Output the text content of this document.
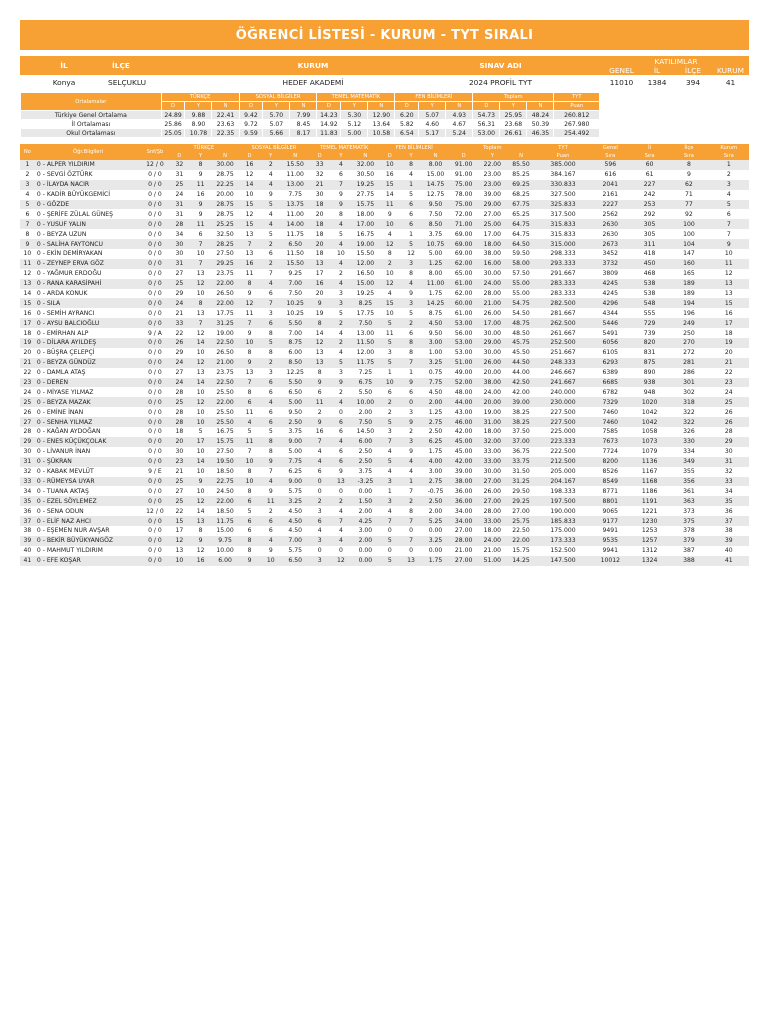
ÖĞRENCİ LİSTESİ - KURUM - TYT SIRALI
İL	İLÇE	KURUM	SINAV ADI	KATILIMLAR			
				GENEL	İL	İLÇE	KURUM
Konya	SELÇUKLU	HEDEF AKADEMİ	2024 PROFİL TYT	11010	1384	394	41
Ortalamalar	TÜRKÇE			SOSYAL BİLGİLER			TEMEL MATEMATİK			FEN BİLİMLERİ			Toplam			TYT
	D	Y	N	D	Y	N	D	Y	N	D	Y	N	D	Y	N	Puan
Türkiye Genel Ortalama	24.89	9.88	22.41	9.42	5.70	7.99	14.23	5.30	12.90	6.20	5.07	4.93	54.73	25.95	48.24	260.812
İl Ortalaması	25.86	8.90	23.63	9.72	5.07	8.45	14.92	5.12	13.64	5.82	4.60	4.67	56.31	23.68	50.39	267.980
Okul Ortalaması	25.05	10.78	22.35	9.59	5.66	8.17	11.83	5.00	10.58	6.54	5.17	5.24	53.00	26.61	46.35	254.492
No	Öğr.Bilgileri	Snf/Şb	TÜRKÇE			SOSYAL BİLGİLER			TEMEL MATEMATİK			FEN BİLİMLERİ			Toplam			TYT	Genel	İl	İlçe	Kurum
			D	Y	N	D	Y	N	D	Y	N	D	Y	N	D	Y	N	Puan	Sıra	Sıra	Sıra	Sıra
1	0 - ALPER YILDIRIM	12 / 0	32	8	30.00	16	2	15.50	33	4	32.00	10	8	8.00	91.00	22.00	85.50	385.000	596	60	8	1
2	0 - SEVGİ ÖZTÜRK	0 / 0	31	9	28.75	12	4	11.00	32	6	30.50	16	4	15.00	91.00	23.00	85.25	384.167	616	61	9	2
3	0 - İLAYDA NACIR	0 / 0	25	11	22.25	14	4	13.00	21	7	19.25	15	1	14.75	75.00	23.00	69.25	330.833	2041	227	62	3
4	0 - KADİR BÜYÜKGEMİCİ	0 / 0	24	16	20.00	10	9	7.75	30	9	27.75	14	5	12.75	78.00	39.00	68.25	327.500	2161	242	71	4
5	0 - GÖZDE	0 / 0	31	9	28.75	15	5	13.75	18	9	15.75	11	6	9.50	75.00	29.00	67.75	325.833	2227	253	77	5
6	0 - ŞERİFE ZÜLAL GÜNEŞ	0 / 0	31	9	28.75	12	4	11.00	20	8	18.00	9	6	7.50	72.00	27.00	65.25	317.500	2562	292	92	6
7	0 - YUSUF YALIN	0 / 0	28	11	25.25	15	4	14.00	18	4	17.00	10	6	8.50	71.00	25.00	64.75	315.833	2630	305	100	7
8	0 - BEYZA UZUN	0 / 0	34	6	32.50	13	5	11.75	18	5	16.75	4	1	3.75	69.00	17.00	64.75	315.833	2630	305	100	7
9	0 - SALİHA FAYTONCU	0 / 0	30	7	28.25	7	2	6.50	20	4	19.00	12	5	10.75	69.00	18.00	64.50	315.000	2673	311	104	9
10	0 - EKİN DEMİRYAKAN	0 / 0	30	10	27.50	13	6	11.50	18	10	15.50	8	12	5.00	69.00	38.00	59.50	298.333	3452	418	147	10
11	0 - ZEYNEP ERVA GÖZ	0 / 0	31	7	29.25	16	2	15.50	13	4	12.00	2	3	1.25	62.00	16.00	58.00	293.333	3732	450	160	11
12	0 - YAĞMUR ERDOĞU	0 / 0	27	13	23.75	11	7	9.25	17	2	16.50	10	8	8.00	65.00	30.00	57.50	291.667	3809	468	165	12
13	0 - RANA KARASİPAHİ	0 / 0	25	12	22.00	8	4	7.00	16	4	15.00	12	4	11.00	61.00	24.00	55.00	283.333	4245	538	189	13
14	0 - ARDA KONUK	0 / 0	29	10	26.50	9	6	7.50	20	3	19.25	4	9	1.75	62.00	28.00	55.00	283.333	4245	538	189	13
15	0 - SILA	0 / 0	24	8	22.00	12	7	10.25	9	3	8.25	15	3	14.25	60.00	21.00	54.75	282.500	4296	548	194	15
16	0 - SEMİH AYRANCI	0 / 0	21	13	17.75	11	3	10.25	19	5	17.75	10	5	8.75	61.00	26.00	54.50	281.667	4344	555	196	16
17	0 - AYSU BALCIOĞLU	0 / 0	33	7	31.25	7	6	5.50	8	2	7.50	5	2	4.50	53.00	17.00	48.75	262.500	5446	729	249	17
18	0 - EMİRHAN ALP	9 / A	22	12	19.00	9	8	7.00	14	4	13.00	11	6	9.50	56.00	30.00	48.50	261.667	5491	739	250	18
19	0 - DİLARA AYILDEŞ	0 / 0	26	14	22.50	10	5	8.75	12	2	11.50	5	8	3.00	53.00	29.00	45.75	252.500	6056	820	270	19
20	0 - BÜŞRA ÇELEPÇİ	0 / 0	29	10	26.50	8	8	6.00	13	4	12.00	3	8	1.00	53.00	30.00	45.50	251.667	6105	831	272	20
21	0 - BEYZA GÜNDÜZ	0 / 0	24	12	21.00	9	2	8.50	13	5	11.75	5	7	3.25	51.00	26.00	44.50	248.333	6293	875	281	21
22	0 - DAMLA ATAŞ	0 / 0	27	13	23.75	13	3	12.25	8	3	7.25	1	1	0.75	49.00	20.00	44.00	246.667	6389	890	286	22
23	0 - DEREN	0 / 0	24	14	22.50	7	6	5.50	9	9	6.75	10	9	7.75	52.00	38.00	42.50	241.667	6685	938	301	23
24	0 - MİYASE YILMAZ	0 / 0	28	10	25.50	8	6	6.50	6	2	5.50	6	6	4.50	48.00	24.00	42.00	240.000	6782	948	302	24
25	0 - BEYZA MAZAK	0 / 0	25	12	22.00	6	4	5.00	11	4	10.00	2	0	2.00	44.00	20.00	39.00	230.000	7329	1020	318	25
26	0 - EMİNE İNAN	0 / 0	28	10	25.50	11	6	9.50	2	0	2.00	2	3	1.25	43.00	19.00	38.25	227.500	7460	1042	322	26
27	0 - SENHA YILMAZ	0 / 0	28	10	25.50	4	6	2.50	9	6	7.50	5	9	2.75	46.00	31.00	38.25	227.500	7460	1042	322	26
28	0 - KAĞAN AYDOĞAN	0 / 0	18	5	16.75	5	5	3.75	16	6	14.50	3	2	2.50	42.00	18.00	37.50	225.000	7585	1058	326	28
29	0 - ENES KÜÇÜKÇOLAK	0 / 0	20	17	15.75	11	8	9.00	7	4	6.00	7	3	6.25	45.00	32.00	37.00	223.333	7673	1073	330	29
30	0 - LİVANUR İNAN	0 / 0	30	10	27.50	7	8	5.00	4	6	2.50	4	9	1.75	45.00	33.00	36.75	222.500	7724	1079	334	30
31	0 - ŞÜKRAN	0 / 0	23	14	19.50	10	9	7.75	4	6	2.50	5	4	4.00	42.00	33.00	33.75	212.500	8200	1136	349	31
32	0 - KABAK MEVLÜT	9 / E	21	10	18.50	8	7	6.25	6	9	3.75	4	4	3.00	39.00	30.00	31.50	205.000	8526	1167	355	32
33	0 - RÜMEYSA UYAR	0 / 0	25	9	22.75	10	4	9.00	0	13	-3.25	3	1	2.75	38.00	27.00	31.25	204.167	8549	1168	356	33
34	0 - TUANA AKTAŞ	0 / 0	27	10	24.50	8	9	5.75	0	0	0.00	1	7	-0.75	36.00	26.00	29.50	198.333	8771	1186	361	34
35	0 - EZEL SÖYLEMEZ	0 / 0	25	12	22.00	6	11	3.25	2	2	1.50	3	2	2.50	36.00	27.00	29.25	197.500	8801	1191	363	35
36	0 - SENA ODUN	12 / 0	22	14	18.50	5	2	4.50	3	4	2.00	4	8	2.00	34.00	28.00	27.00	190.000	9065	1221	373	36
37	0 - ELİF NAZ AHCI	0 / 0	15	13	11.75	6	6	4.50	6	7	4.25	7	7	5.25	34.00	33.00	25.75	185.833	9177	1230	375	37
38	0 - EŞEMEN NUR AVŞAR	0 / 0	17	8	15.00	6	6	4.50	4	4	3.00	0	0	0.00	27.00	18.00	22.50	175.000	9491	1253	378	38
39	0 - BEKİR BÜYÜKYANGÖZ	0 / 0	12	9	9.75	8	4	7.00	3	4	2.00	5	7	3.25	28.00	24.00	22.00	173.333	9535	1257	379	39
40	0 - MAHMUT YILDIRIM	0 / 0	13	12	10.00	8	9	5.75	0	0	0.00	0	0	0.00	21.00	21.00	15.75	152.500	9941	1312	387	40
41	0 - EFE KOŞAR	0 / 0	10	16	6.00	9	10	6.50	3	12	0.00	5	13	1.75	27.00	51.00	14.25	147.500	10012	1324	388	41
